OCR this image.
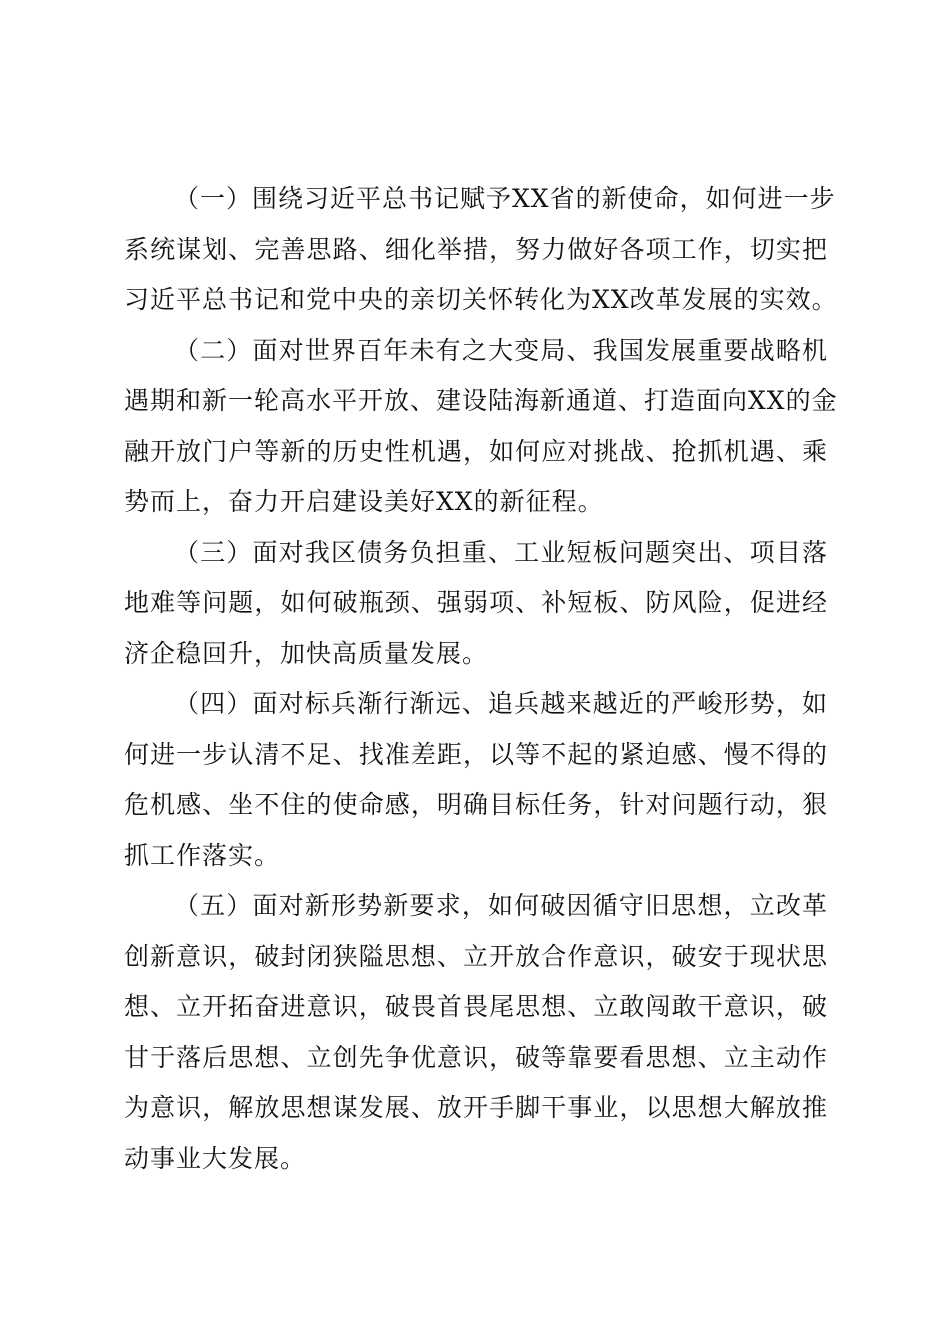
（一）围绕习近平总书记赋予XX省的新使命，如何进一步
系统谋划、完善思路、细化举措，努力做好各项工作，切实把
习近平总书记和党中央的亲切关怀转化为XX改革发展的实效。
（二）面对世界百年未有之大变局、我国发展重要战略机
遇期和新一轮高水平开放、建设陆海新通道、打造面向XX的金
融开放门户等新的历史性机遇，如何应对挑战、抢抓机遇、乘
势而上，奋力开启建设美好XX的新征程。
（三）面对我区债务负担重、工业短板问题突出、项目落
地难等问题，如何破瓶颈、强弱项、补短板、防风险，促进经
济企稳回升，加快高质量发展。
（四）面对标兵渐行渐远、追兵越来越近的严峻形势，如
何进一步认清不足、找准差距，以等不起的紧迫感、慢不得的
危机感、坐不住的使命感，明确目标任务，针对问题行动，狠
抓工作落实。
（五）面对新形势新要求，如何破因循守旧思想，立改革
创新意识，破封闭狭隘思想、立开放合作意识，破安于现状思
想、立开拓奋进意识，破畏首畏尾思想、立敢闯敢干意识，破
甘于落后思想、立创先争优意识，破等靠要看思想、立主动作
为意识，解放思想谋发展、放开手脚干事业，以思想大解放推
动事业大发展。
